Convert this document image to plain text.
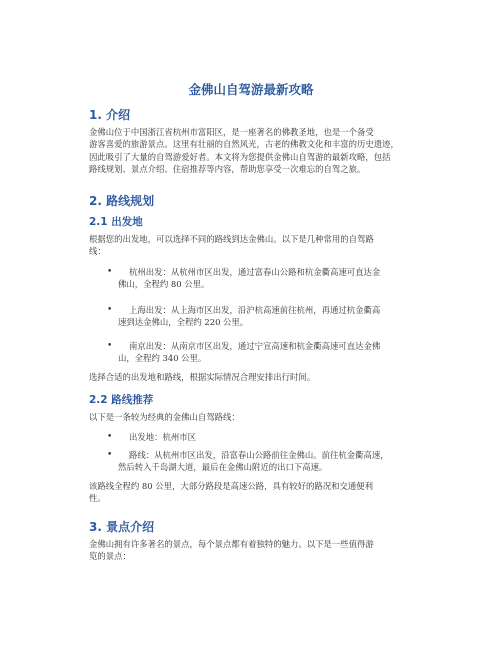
金佛山自驾游最新攻略
1. 介绍
金佛山位于中国浙江省杭州市富阳区，是一座著名的佛教圣地，也是一个备受
游客喜爱的旅游景点。这里有壮丽的自然风光，古老的佛教文化和丰富的历史遗迹，
因此吸引了大量的自驾游爱好者。本文将为您提供金佛山自驾游的最新攻略，包括
路线规划、景点介绍、住宿推荐等内容，帮助您享受一次难忘的自驾之旅。
2. 路线规划
2.1 出发地
根据您的出发地，可以选择不同的路线到达金佛山。以下是几种常用的自驾路
线：
•	杭州出发：从杭州市区出发，通过富春山公路和杭金衢高速可直达金
佛山，全程约 80 公里。
•	上海出发：从上海市区出发，沿沪杭高速前往杭州，再通过杭金衢高
速到达金佛山，全程约 220 公里。
•	南京出发：从南京市区出发，通过宁宣高速和杭金衢高速可直达金佛
山，全程约 340 公里。
选择合适的出发地和路线，根据实际情况合理安排出行时间。
2.2 路线推荐
以下是一条较为经典的金佛山自驾路线：
•	出发地：杭州市区
•	路线：从杭州市区出发，沿富春山公路前往金佛山。前往杭金衢高速，
然后转入千岛湖大道，最后在金佛山附近的出口下高速。
该路线全程约 80 公里，大部分路段是高速公路，具有较好的路况和交通便利
性。
3. 景点介绍
金佛山拥有许多著名的景点，每个景点都有着独特的魅力。以下是一些值得游
览的景点：
